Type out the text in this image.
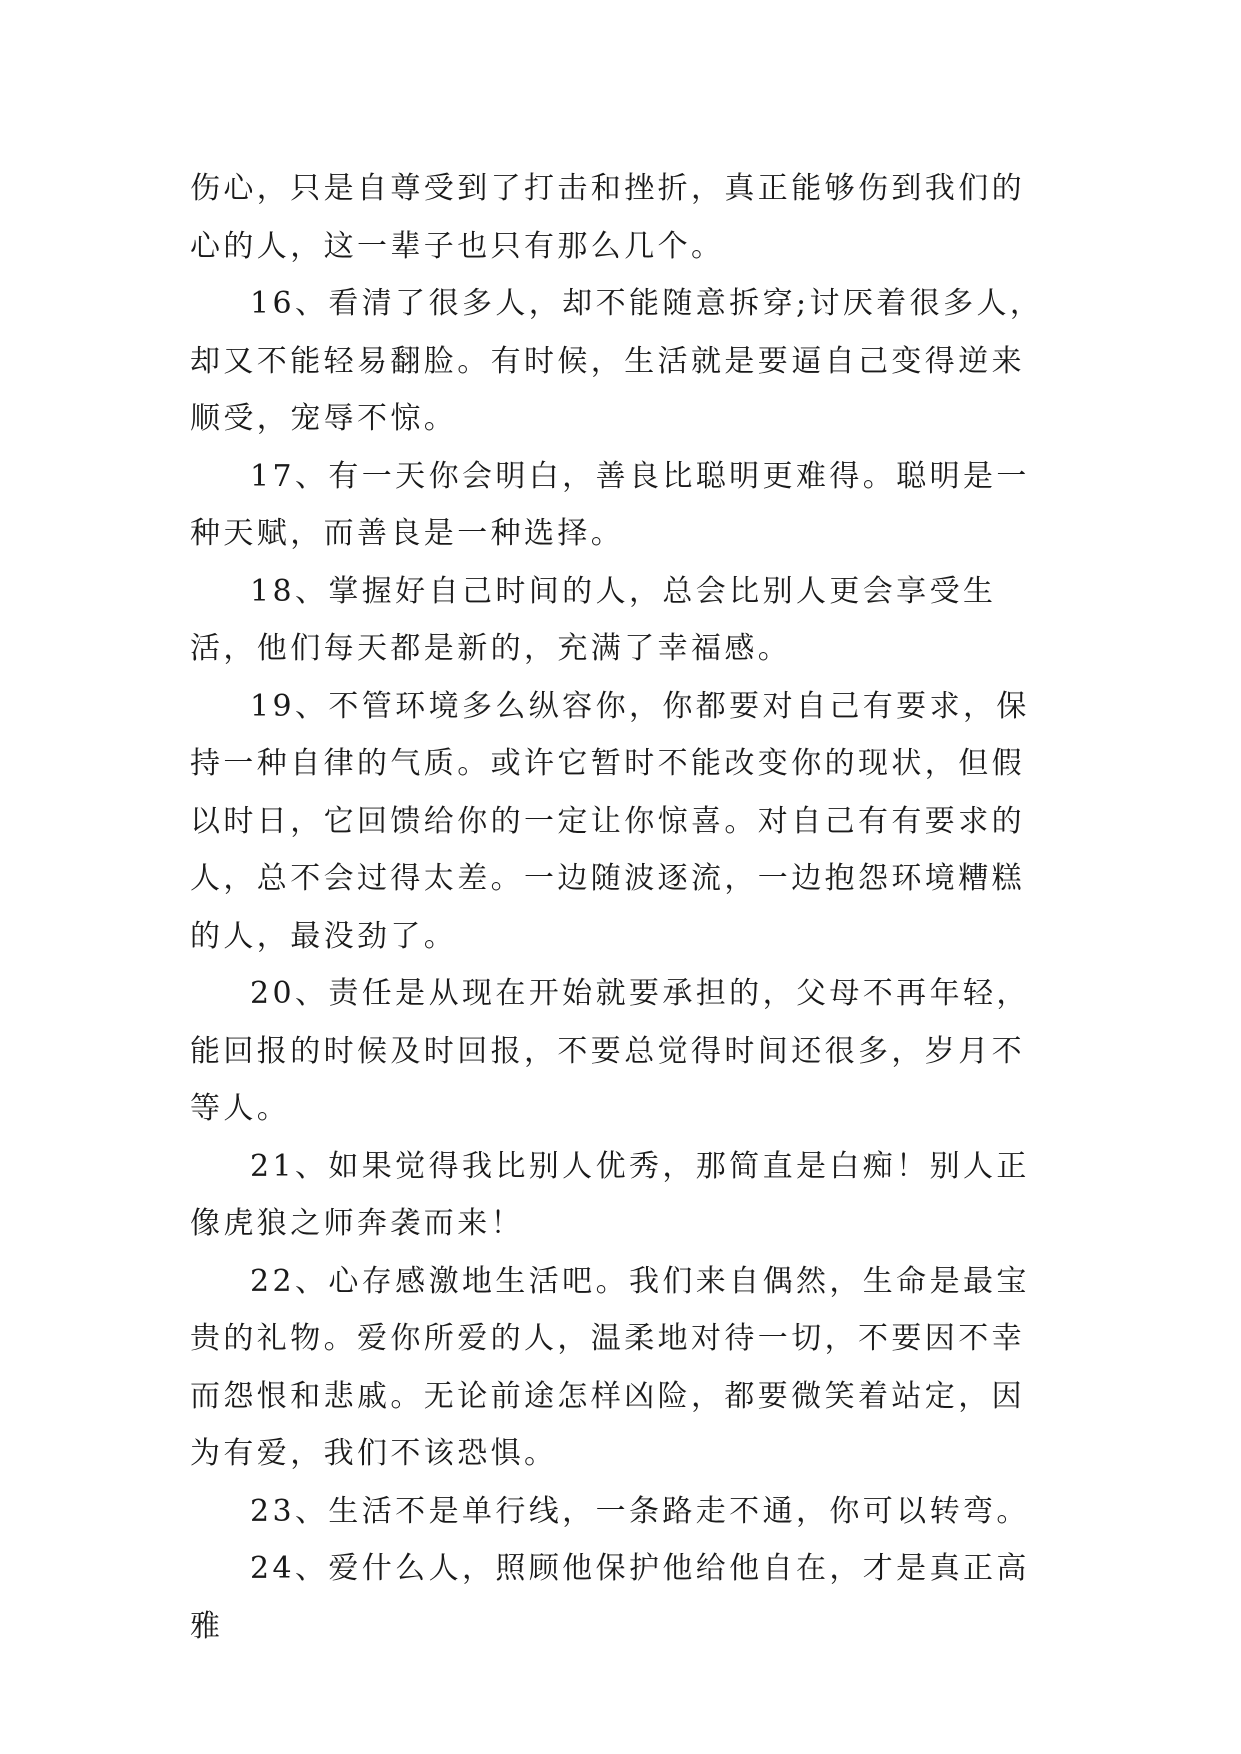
伤心，只是自尊受到了打击和挫折，真正能够伤到我们的心的人，这一辈子也只有那么几个。

16、看清了很多人，却不能随意拆穿;讨厌着很多人，却又不能轻易翻脸。有时候，生活就是要逼自己变得逆来顺受，宠辱不惊。

17、有一天你会明白，善良比聪明更难得。聪明是一种天赋，而善良是一种选择。

18、掌握好自己时间的人，总会比别人更会享受生活，他们每天都是新的，充满了幸福感。

19、不管环境多么纵容你，你都要对自己有要求，保持一种自律的气质。或许它暂时不能改变你的现状，但假以时日，它回馈给你的一定让你惊喜。对自己有有要求的人，总不会过得太差。一边随波逐流，一边抱怨环境糟糕的人，最没劲了。

20、责任是从现在开始就要承担的，父母不再年轻，能回报的时候及时回报，不要总觉得时间还很多，岁月不等人。

21、如果觉得我比别人优秀，那简直是白痴！别人正像虎狼之师奔袭而来！

22、心存感激地生活吧。我们来自偶然，生命是最宝贵的礼物。爱你所爱的人，温柔地对待一切，不要因不幸而怨恨和悲戚。无论前途怎样凶险，都要微笑着站定，因为有爱，我们不该恐惧。

23、生活不是单行线，一条路走不通，你可以转弯。

24、爱什么人，照顾他保护他给他自在，才是真正高雅
